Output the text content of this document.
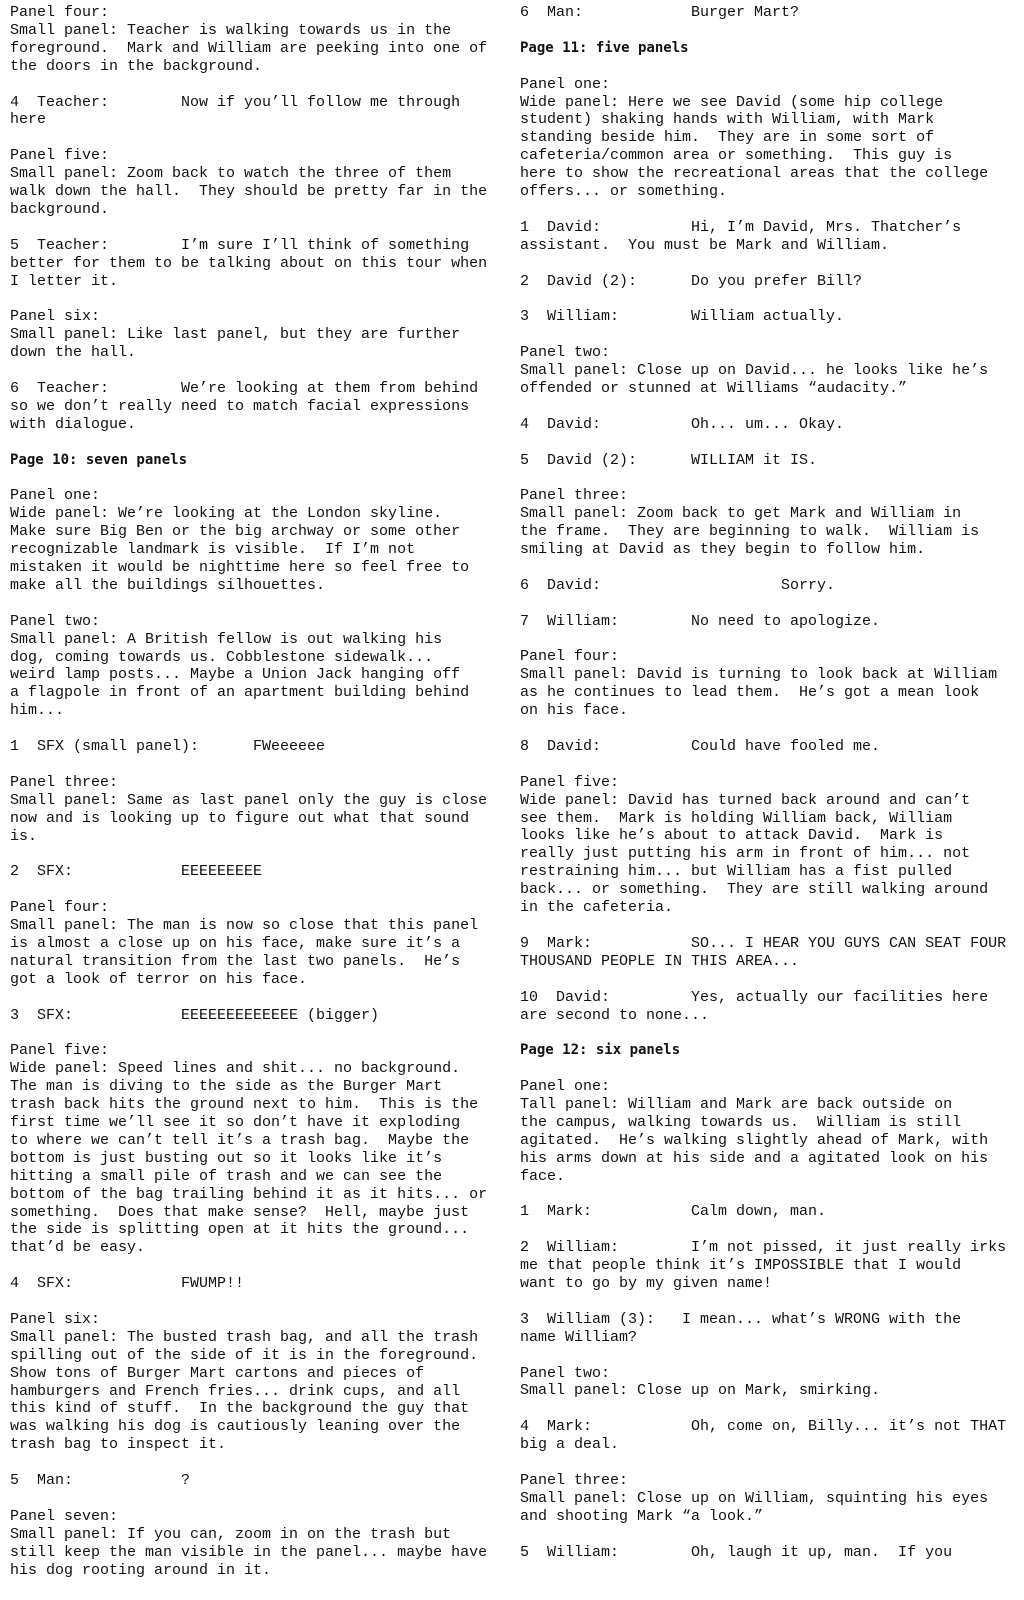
Panel four:
Small panel: Teacher is walking towards us in the
foreground.  Mark and William are peeking into one of
the doors in the background.
4  Teacher:        Now if you’ll follow me through
here
Panel five:
Small panel: Zoom back to watch the three of them
walk down the hall.  They should be pretty far in the
background.
5  Teacher:        I’m sure I’ll think of something
better for them to be talking about on this tour when
I letter it.
Panel six:
Small panel: Like last panel, but they are further
down the hall.
6  Teacher:        We’re looking at them from behind
so we don’t really need to match facial expressions
with dialogue.
Page 10: seven panels
Panel one:
Wide panel: We’re looking at the London skyline.
Make sure Big Ben or the big archway or some other
recognizable landmark is visible.  If I’m not
mistaken it would be nighttime here so feel free to
make all the buildings silhouettes.
Panel two:
Small panel: A British fellow is out walking his
dog, coming towards us. Cobblestone sidewalk...
weird lamp posts... Maybe a Union Jack hanging off
a flagpole in front of an apartment building behind
him...
1  SFX (small panel):      FWeeeeee
Panel three:
Small panel: Same as last panel only the guy is close
now and is looking up to figure out what that sound
is.
2  SFX:            EEEEEEEEE
Panel four:
Small panel: The man is now so close that this panel
is almost a close up on his face, make sure it’s a
natural transition from the last two panels.  He’s
got a look of terror on his face.
3  SFX:            EEEEEEEEEEEEE (bigger)
Panel five:
Wide panel: Speed lines and shit... no background.
The man is diving to the side as the Burger Mart
trash back hits the ground next to him.  This is the
first time we’ll see it so don’t have it exploding
to where we can’t tell it’s a trash bag.  Maybe the
bottom is just busting out so it looks like it’s
hitting a small pile of trash and we can see the
bottom of the bag trailing behind it as it hits... or
something.  Does that make sense?  Hell, maybe just
the side is splitting open at it hits the ground...
that’d be easy.
4  SFX:            FWUMP!!
Panel six:
Small panel: The busted trash bag, and all the trash
spilling out of the side of it is in the foreground.
Show tons of Burger Mart cartons and pieces of
hamburgers and French fries... drink cups, and all
this kind of stuff.  In the background the guy that
was walking his dog is cautiously leaning over the
trash bag to inspect it.
5  Man:            ?
Panel seven:
Small panel: If you can, zoom in on the trash but
still keep the man visible in the panel... maybe have
his dog rooting around in it.
6  Man:            Burger Mart?
Page 11: five panels
Panel one:
Wide panel: Here we see David (some hip college
student) shaking hands with William, with Mark
standing beside him.  They are in some sort of
cafeteria/common area or something.  This guy is
here to show the recreational areas that the college
offers... or something.
1  David:          Hi, I’m David, Mrs. Thatcher’s
assistant.  You must be Mark and William.
2  David (2):      Do you prefer Bill?
3  William:        William actually.
Panel two:
Small panel: Close up on David... he looks like he’s
offended or stunned at Williams “audacity.”
4  David:          Oh... um... Okay.
5  David (2):      WILLIAM it IS.
Panel three:
Small panel: Zoom back to get Mark and William in
the frame.  They are beginning to walk.  William is
smiling at David as they begin to follow him.
6  David:                    Sorry.
7  William:        No need to apologize.
Panel four:
Small panel: David is turning to look back at William
as he continues to lead them.  He’s got a mean look
on his face.
8  David:          Could have fooled me.
Panel five:
Wide panel: David has turned back around and can’t
see them.  Mark is holding William back, William
looks like he’s about to attack David.  Mark is
really just putting his arm in front of him... not
restraining him... but William has a fist pulled
back... or something.  They are still walking around
in the cafeteria.
9  Mark:           SO... I HEAR YOU GUYS CAN SEAT FOUR
THOUSAND PEOPLE IN THIS AREA...
10  David:         Yes, actually our facilities here
are second to none...
Page 12: six panels
Panel one:
Tall panel: William and Mark are back outside on
the campus, walking towards us.  William is still
agitated.  He’s walking slightly ahead of Mark, with
his arms down at his side and a agitated look on his
face.
1  Mark:           Calm down, man.
2  William:        I’m not pissed, it just really irks
me that people think it’s IMPOSSIBLE that I would
want to go by my given name!
3  William (3):   I mean... what’s WRONG with the
name William?
Panel two:
Small panel: Close up on Mark, smirking.
4  Mark:           Oh, come on, Billy... it’s not THAT
big a deal.
Panel three:
Small panel: Close up on William, squinting his eyes
and shooting Mark “a look.”
5  William:        Oh, laugh it up, man.  If you
